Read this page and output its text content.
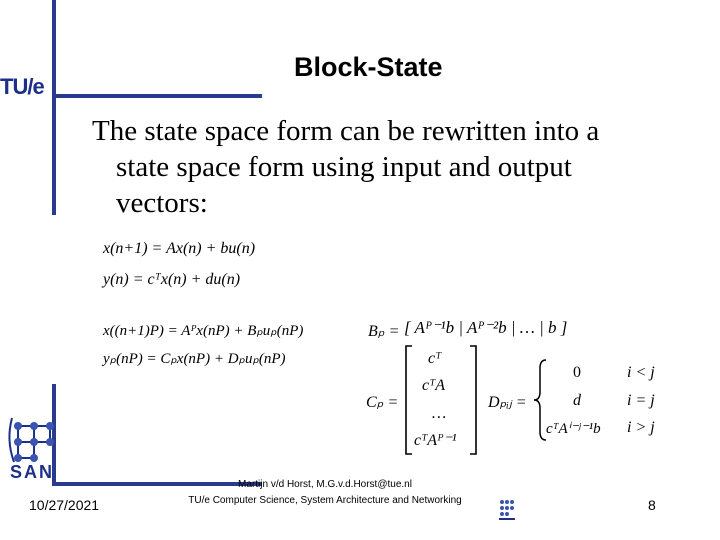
TU/e
SAN
Block-State
The state space form can be rewritten into a

state space form using input and output
vectors:
x(n+1) = Ax(n) + bu(n)
y(n) = cᵀx(n) + du(n)
x((n+1)P) = Aᴾx(nP) + Bₚuₚ(nP)
yₚ(nP) = Cₚx(nP) + Dₚuₚ(nP)
Bₚ = [ Aᴾ⁻¹b | Aᴾ⁻²b | … | b ]
Cₚ =
cᵀ
cᵀA
…
cᵀAᴾ⁻¹
Dₚᵢⱼ =
0	i < j
d	i = j
cᵀAⁱ⁻ʲ⁻¹b i > j
10/27/2021
Martijn v/d Horst, M.G.v.d.Horst@tue.nl
TU/e Computer Science, System Architecture and Networking	8
